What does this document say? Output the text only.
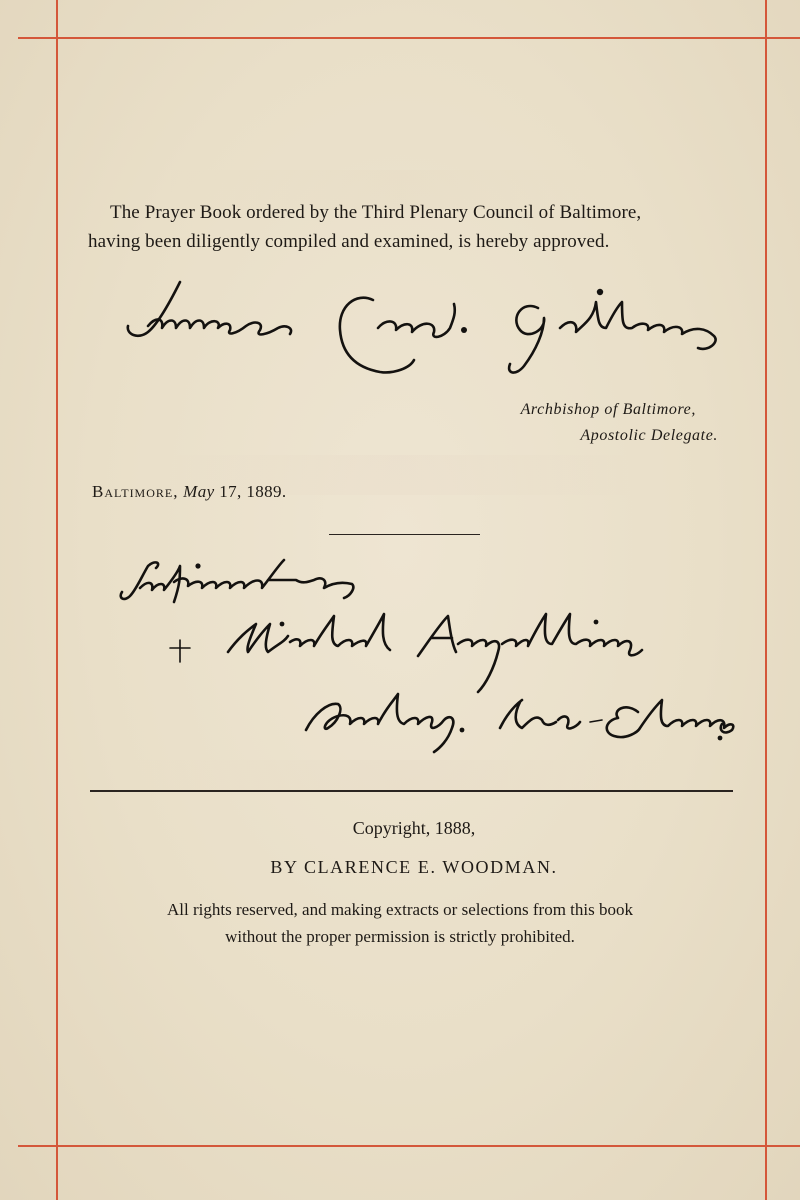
The Prayer Book ordered by the Third Plenary Council of Baltimore,
having been diligently compiled and examined, is hereby approved.
Archbishop of Baltimore,
Apostolic Delegate.
Baltimore, May 17, 1889.
Copyright, 1888,
BY CLARENCE E. WOODMAN.
All rights reserved, and making extracts or selections from this book
without the proper permission is strictly prohibited.
